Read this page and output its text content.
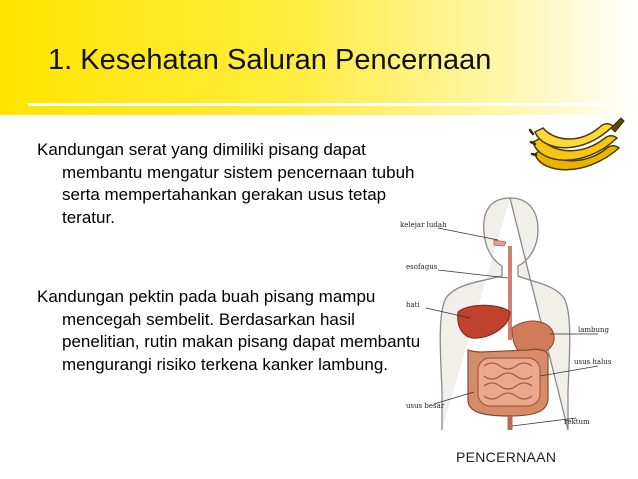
1. Kesehatan Saluran Pencernaan

Kandungan serat yang dimiliki pisang dapat membantu mengatur sistem pencernaan tubuh serta mempertahankan gerakan usus tetap teratur.

Kandungan pektin pada buah pisang mampu mencegah sembelit. Berdasarkan hasil penelitian, rutin makan pisang dapat membantu mengurangi risiko terkena kanker lambung.

kelejar ludah
esofagus
hati
lambung
usus halus
usus besar
rektum

PENCERNAAN
